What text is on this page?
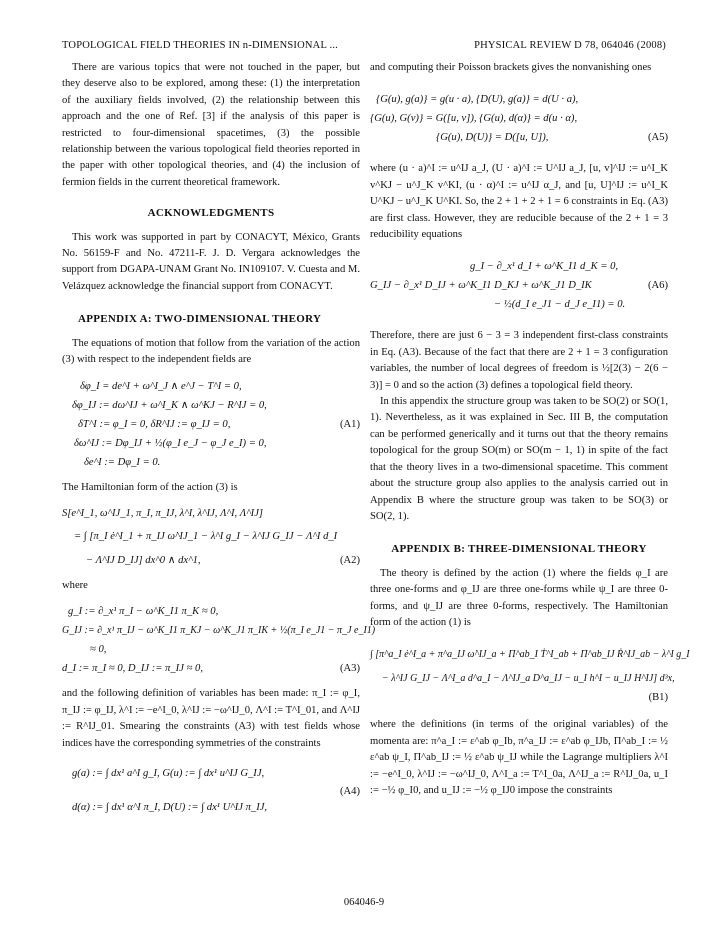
TOPOLOGICAL FIELD THEORIES IN n-DIMENSIONAL ...	PHYSICAL REVIEW D 78, 064046 (2008)

There are various topics that were not touched in the paper, but they deserve also to be explored, among these: (1) the interpretation of the auxiliary fields involved, (2) the relationship between this approach and the one of Ref. [3] if the analysis of this paper is restricted to four-dimensional spacetimes, (3) the possible relationship between the various topological field theories reported in the paper with other topological theories, and (4) the inclusion of fermion fields in the current theoretical framework.

ACKNOWLEDGMENTS

This work was supported in part by CONACYT, México, Grants No. 56159-F and No. 47211-F. J. D. Vergara acknowledges the support from DGAPA-UNAM Grant No. IN109107. V. Cuesta and M. Velázquez acknowledge the financial support from CONACYT.

APPENDIX A: TWO-DIMENSIONAL THEORY

The equations of motion that follow from the variation of the action (3) with respect to the independent fields are

δφ_I = de^I + ω^I_J ∧ e^J − T^I = 0,
δφ_IJ := dω^IJ + ω^I_K ∧ ω^KJ − R^IJ = 0,
δT^I := φ_I = 0, δR^IJ := φ_IJ = 0,	(A1)
δω^IJ := Dφ_IJ + ½(φ_I e_J − φ_J e_I) = 0,
δe^I := Dφ_I = 0.

The Hamiltonian form of the action (3) is

S[e^I_1, ω^IJ_1, π_I, π_IJ, λ^I, λ^IJ, Λ^I, Λ^IJ]
= ∫ [π_I ė^I_1 + π_IJ ω̇^IJ_1 − λ^I g_I − λ^IJ G_IJ − Λ^I d_I
− Λ^IJ D_IJ] dx^0 ∧ dx^1,	(A2)

where

g_I := ∂_x¹ π_I − ω^K_I1 π_K ≈ 0,
G_IJ := ∂_x¹ π_IJ − ω^K_I1 π_KJ − ω^K_J1 π_IK + ½(π_I e_J1 − π_J e_I1)
≈ 0,
d_I := π_I ≈ 0, D_IJ := π_IJ ≈ 0,	(A3)

and the following definition of variables has been made: π_I := φ_I, π_IJ := φ_IJ, λ^I := −e^I_0, λ^IJ := −ω^IJ_0, Λ^I := T^I_01, and Λ^IJ := R^IJ_01. Smearing the constraints (A3) with test fields whose indices have the corresponding symmetries of the constraints

g(a) := ∫ dx¹ a^I g_I, G(u) := ∫ dx¹ u^IJ G_IJ,
(A4)
d(α) := ∫ dx¹ α^I π_I, D(U) := ∫ dx¹ U^IJ π_IJ,

and computing their Poisson brackets gives the nonvanishing ones

{G(u), g(a)} = g(u · a), {D(U), g(a)} = d(U · a),
{G(u), G(v)} = G([u, v]), {G(u), d(α)} = d(u · α),
{G(u), D(U)} = D([u, U]),	(A5)

where (u · a)^I := u^IJ a_J, (U · a)^I := U^IJ a_J, [u, v]^IJ := u^I_K v^KJ − u^J_K v^KI, (u · α)^I := u^IJ α_J, and [u, U]^IJ := u^I_K U^KJ − u^J_K U^KI. So, the 2 + 1 + 2 + 1 = 6 constraints in Eq. (A3) are first class. However, they are reducible because of the 2 + 1 = 3 reducibility equations

g_I − ∂_x¹ d_I + ω^K_I1 d_K = 0,
G_IJ − ∂_x¹ D_IJ + ω^K_I1 D_KJ + ω^K_J1 D_IK	(A6)
− ½(d_I e_J1 − d_J e_I1) = 0.

Therefore, there are just 6 − 3 = 3 independent first-class constraints in Eq. (A3). Because of the fact that there are 2 + 1 = 3 configuration variables, the number of local degrees of freedom is ½[2(3) − 2(6 − 3)] = 0 and so the action (3) defines a topological field theory.

In this appendix the structure group was taken to be SO(2) or SO(1, 1). Nevertheless, as it was explained in Sec. III B, the computation can be performed generically and it turns out that the theory remains topological for the group SO(m) or SO(m − 1, 1) in spite of the fact that the theory lives in a two-dimensional spacetime. This comment about the structure group also applies to the analysis carried out in Appendix B where the structure group was taken to be SO(3) or SO(2, 1).

APPENDIX B: THREE-DIMENSIONAL THEORY

The theory is defined by the action (1) where the fields φ_I are three one-forms and φ_IJ are three one-forms while ψ_I are three 0-forms, and ψ_IJ are three 0-forms, respectively. The Hamiltonian form of the action (1) is

∫ [π^a_I ė^I_a + π^a_IJ ω̇^IJ_a + Π^ab_I Ṫ^I_ab + Π^ab_IJ Ṙ^IJ_ab − λ^I g_I
− λ^IJ G_IJ − Λ^I_a d^a_I − Λ^IJ_a D^a_IJ − u_I h^I − u_IJ H^IJ] d³x,
(B1)

where the definitions (in terms of the original variables) of the momenta are: π^a_I := ε^ab φ_Ib, π^a_IJ := ε^ab φ_IJb, Π^ab_I := ½ ε^ab ψ_I, Π^ab_IJ := ½ ε^ab ψ_IJ while the Lagrange multipliers λ^I := −e^I_0, λ^IJ := −ω^IJ_0, Λ^I_a := T^I_0a, Λ^IJ_a := R^IJ_0a, u_I := −½ φ_I0, and u_IJ := −½ φ_IJ0 impose the constraints

064046-9
